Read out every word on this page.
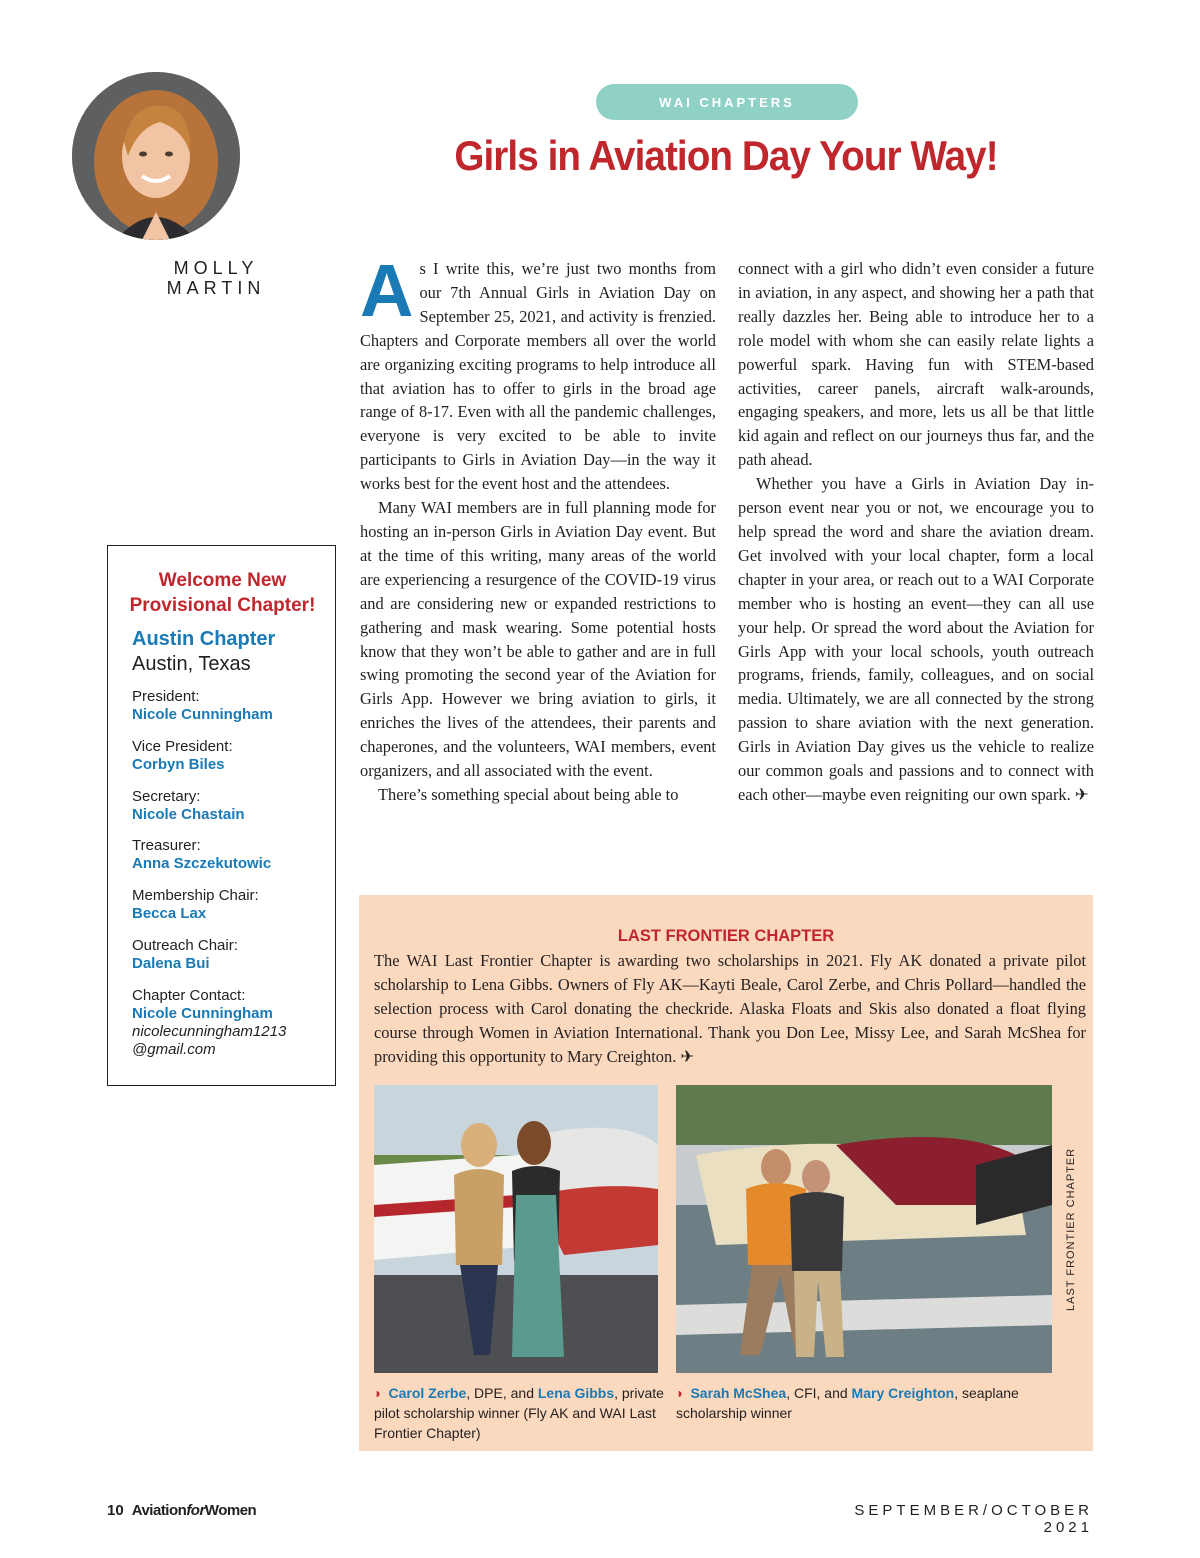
MOLLY
MARTIN
WAI CHAPTERS
Girls in Aviation Day Your Way!

As I write this, we’re just two months from our 7th Annual Girls in Aviation Day on September 25, 2021, and activity is frenzied. Chapters and Corporate members all over the world are organizing exciting programs to help introduce all that aviation has to offer to girls in the broad age range of 8-17. Even with all the pandemic challenges, everyone is very excited to be able to invite participants to Girls in Aviation Day—in the way it works best for the event host and the attendees.

Many WAI members are in full planning mode for hosting an in-person Girls in Aviation Day event. But at the time of this writing, many areas of the world are experiencing a resurgence of the COVID-19 virus and are considering new or expanded restrictions to gathering and mask wearing. Some potential hosts know that they won’t be able to gather and are in full swing promoting the second year of the Aviation for Girls App. However we bring aviation to girls, it enriches the lives of the attendees, their parents and chaperones, and the volunteers, WAI members, event organizers, and all associated with the event.

There’s something special about being able to

connect with a girl who didn’t even consider a future in aviation, in any aspect, and showing her a path that really dazzles her. Being able to introduce her to a role model with whom she can easily relate lights a powerful spark. Having fun with STEM-based activities, career panels, aircraft walk-arounds, engaging speakers, and more, lets us all be that little kid again and reflect on our journeys thus far, and the path ahead.

Whether you have a Girls in Aviation Day in-person event near you or not, we encourage you to help spread the word and share the aviation dream. Get involved with your local chapter, form a local chapter in your area, or reach out to a WAI Corporate member who is hosting an event—they can all use your help. Or spread the word about the Aviation for Girls App with your local schools, youth outreach programs, friends, family, colleagues, and on social media. Ultimately, we are all connected by the strong passion to share aviation with the next generation. Girls in Aviation Day gives us the vehicle to realize our common goals and passions and to connect with each other—maybe even reigniting our own spark. ✈

Welcome New
Provisional Chapter!
Austin Chapter
Austin, Texas
President:
Nicole Cunningham
Vice President:
Corbyn Biles
Secretary:
Nicole Chastain
Treasurer:
Anna Szczekutowic
Membership Chair:
Becca Lax
Outreach Chair:
Dalena Bui
Chapter Contact:
Nicole Cunningham
nicolecunningham1213
@gmail.com
LAST FRONTIER CHAPTER
The WAI Last Frontier Chapter is awarding two scholarships in 2021. Fly AK donated a private pilot scholarship to Lena Gibbs. Owners of Fly AK—Kayti Beale, Carol Zerbe, and Chris Pollard—handled the selection process with Carol donating the checkride. Alaska Floats and Skis also donated a float flying course through Women in Aviation International. Thank you Don Lee, Missy Lee, and Sarah McShea for providing this opportunity to Mary Creighton. ✈
LAST FRONTIER CHAPTER
◗ Carol Zerbe, DPE, and Lena Gibbs, private pilot scholarship winner (Fly AK and WAI Last Frontier Chapter)
◗ Sarah McShea, CFI, and Mary Creighton, seaplane scholarship winner
10 AviationforWomen	SEPTEMBER/OCTOBER 2021
